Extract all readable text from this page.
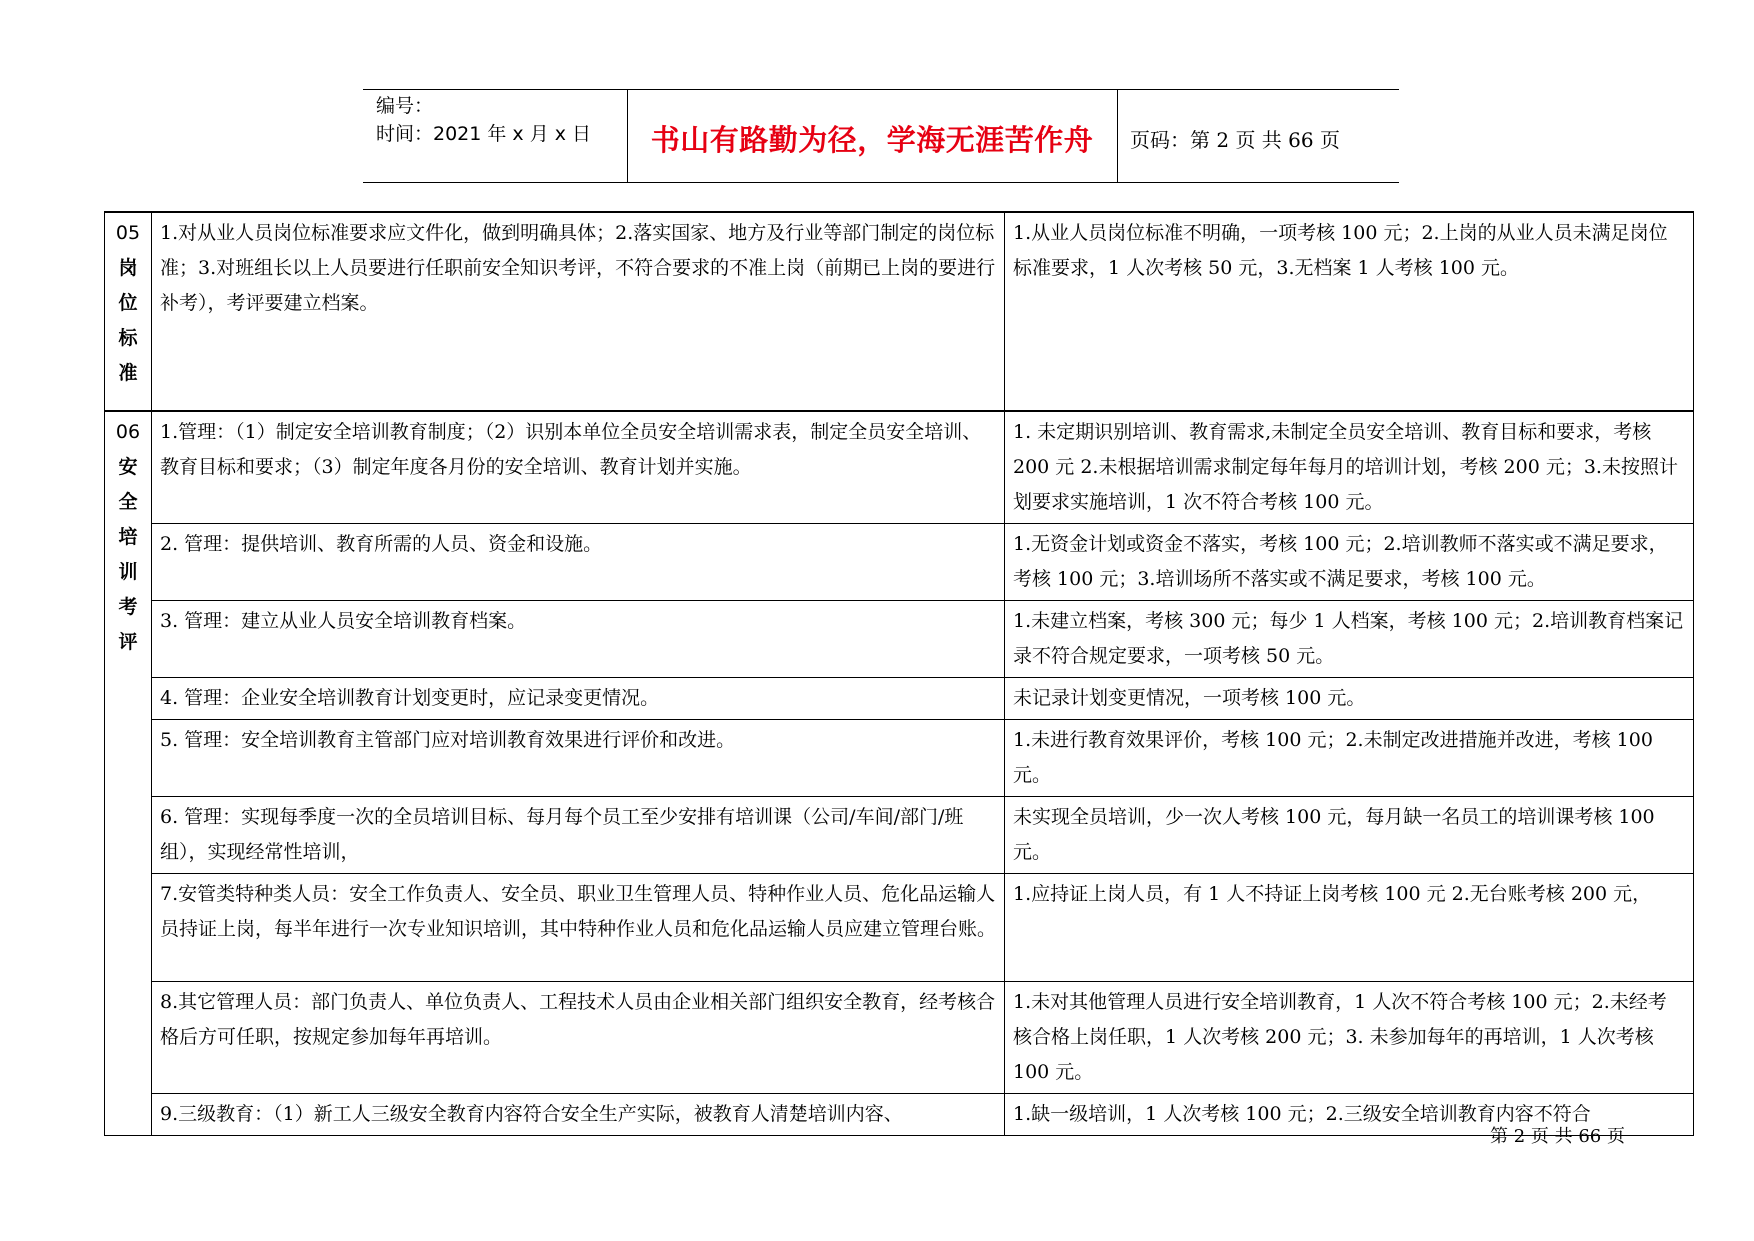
编号：
时间：2021 年 x 月 x 日	书山有路勤为径，学海无涯苦作舟	页码：第 2 页 共 66 页
05
岗位标准	1.对从业人员岗位标准要求应文件化，做到明确具体；2.落实国家、地方及行业等部门制定的岗位标准；3.对班组长以上人员要进行任职前安全知识考评，不符合要求的不准上岗（前期已上岗的要进行补考），考评要建立档案。	1.从业人员岗位标准不明确，一项考核 100 元；2.上岗的从业人员未满足岗位标准要求，1 人次考核 50 元，3.无档案 1 人考核 100 元。

06
安全培训考评	1.管理：（1）制定安全培训教育制度；（2）识别本单位全员安全培训需求表，制定全员安全培训、教育目标和要求；（3）制定年度各月份的安全培训、教育计划并实施。	1. 未定期识别培训、教育需求,未制定全员安全培训、教育目标和要求，考核 200 元 2.未根据培训需求制定每年每月的培训计划，考核 200 元；3.未按照计划要求实施培训，1 次不符合考核 100 元。
	2. 管理：提供培训、教育所需的人员、资金和设施。	1.无资金计划或资金不落实，考核 100 元；2.培训教师不落实或不满足要求，考核 100 元；3.培训场所不落实或不满足要求，考核 100 元。
	3. 管理：建立从业人员安全培训教育档案。	1.未建立档案，考核 300 元；每少 1 人档案，考核 100 元；2.培训教育档案记录不符合规定要求，一项考核 50 元。
	4. 管理：企业安全培训教育计划变更时，应记录变更情况。	未记录计划变更情况，一项考核 100 元。
	5. 管理：安全培训教育主管部门应对培训教育效果进行评价和改进。	1.未进行教育效果评价，考核 100 元；2.未制定改进措施并改进，考核 100 元。
	6. 管理：实现每季度一次的全员培训目标、每月每个员工至少安排有培训课（公司/车间/部门/班组），实现经常性培训，	未实现全员培训，少一次人考核 100 元，每月缺一名员工的培训课考核 100 元。
	7.安管类特种类人员：安全工作负责人、安全员、职业卫生管理人员、特种作业人员、危化品运输人员持证上岗，每半年进行一次专业知识培训，其中特种作业人员和危化品运输人员应建立管理台账。	1.应持证上岗人员，有 1 人不持证上岗考核 100 元 2.无台账考核 200 元，
	8.其它管理人员：部门负责人、单位负责人、工程技术人员由企业相关部门组织安全教育，经考核合格后方可任职，按规定参加每年再培训。	1.未对其他管理人员进行安全培训教育，1 人次不符合考核 100 元；2.未经考核合格上岗任职，1 人次考核 200 元；3. 未参加每年的再培训，1 人次考核 100 元。
	9.三级教育：（1）新工人三级安全教育内容符合安全生产实际，被教育人清楚培训内容、	1.缺一级培训，1 人次考核 100 元；2.三级安全培训教育内容不符合
第 2 页 共 66 页
